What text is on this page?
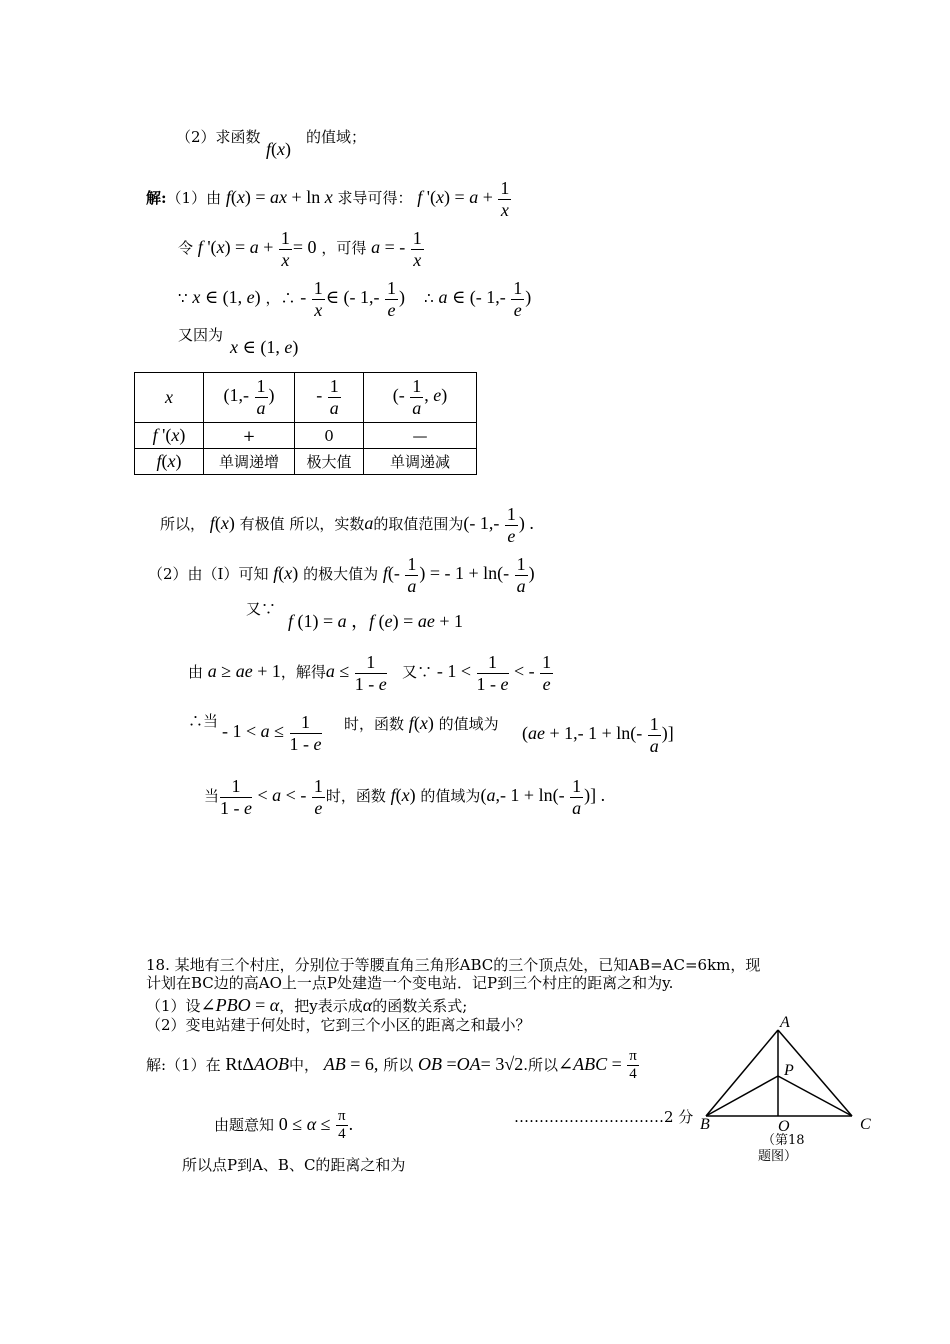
（2）求函数
f(x)
的值域；
解:（1）由 f(x) = ax + ln x 求导可得： f '$(x) = a + \frac{1}{x}$
令 f '$(x) = a + \frac{1}{x} = 0$ ，可得 a = - $\frac{1}{x}$
∵ x ∈ (1, e) ，∴ - $\frac{1}{x}$ ∈ (- $1,- \frac{1}{e}$ ) ∴ a ∈ (- $1,- \frac{1}{e}$ )
又因为
x ∈ (1, e)
x	($1,- \frac{1}{a}$ )	- $\frac{1}{a}$	(- $\frac{1}{a}$ , e)
f '(x)	+	0	—
f(x)	单调递增	极大值	单调递减
所以， f(x) 有极值 所以，实数a的取值范围为(- $1,- \frac{1}{e}$ ) .
（2）由（Ⅰ）可知 f(x) 的极大值为 $f(- \frac{1}{a}$ ) = - $1 + \ln(- \frac{1}{a}$ )
又∵
f (1) = a ，f (e) = ae + 1
由 a ≥ ae + 1，解得$a \le \frac{1}{1 - e}$ 又∵ - $1 < \frac{1}{1 - e}$ < - $\frac{1}{e}$
∴当
- $1 < a \le \frac{1}{1 - e}$ 时，函数 f(x) 的值域为 (ae + 1,- $1 + \ln(- \frac{1}{a}$ )]
当 $\frac{1}{1 - e} < a$ < - $\frac{1}{e}$ 时，函数 f(x) 的值域为(a,- $1 + \ln(- \frac{1}{a}$ )] .
18. 某地有三个村庄，分别位于等腰直角三角形ABC的三个顶点处，已知AB=AC=6km，现
计划在BC边的高AO上一点P处建造一个变电站．记P到三个村庄的距离之和为y.
（1）设∠PBO = α，把y表示成α的函数关系式;
（2）变电站建于何处时，它到三个小区的距离之和最小？
解:（1）在 RtΔAOB中， AB = 6, 所以 OB =OA= 3√2.所以∠ABC = $\frac{\pi}{4}$
由题意知 $0 \le \alpha \le \frac{\pi}{4}$ .	…………………………2 分
所以点P到A、B、C的距离之和为
A
P
B	O	C
（第18
题图）
